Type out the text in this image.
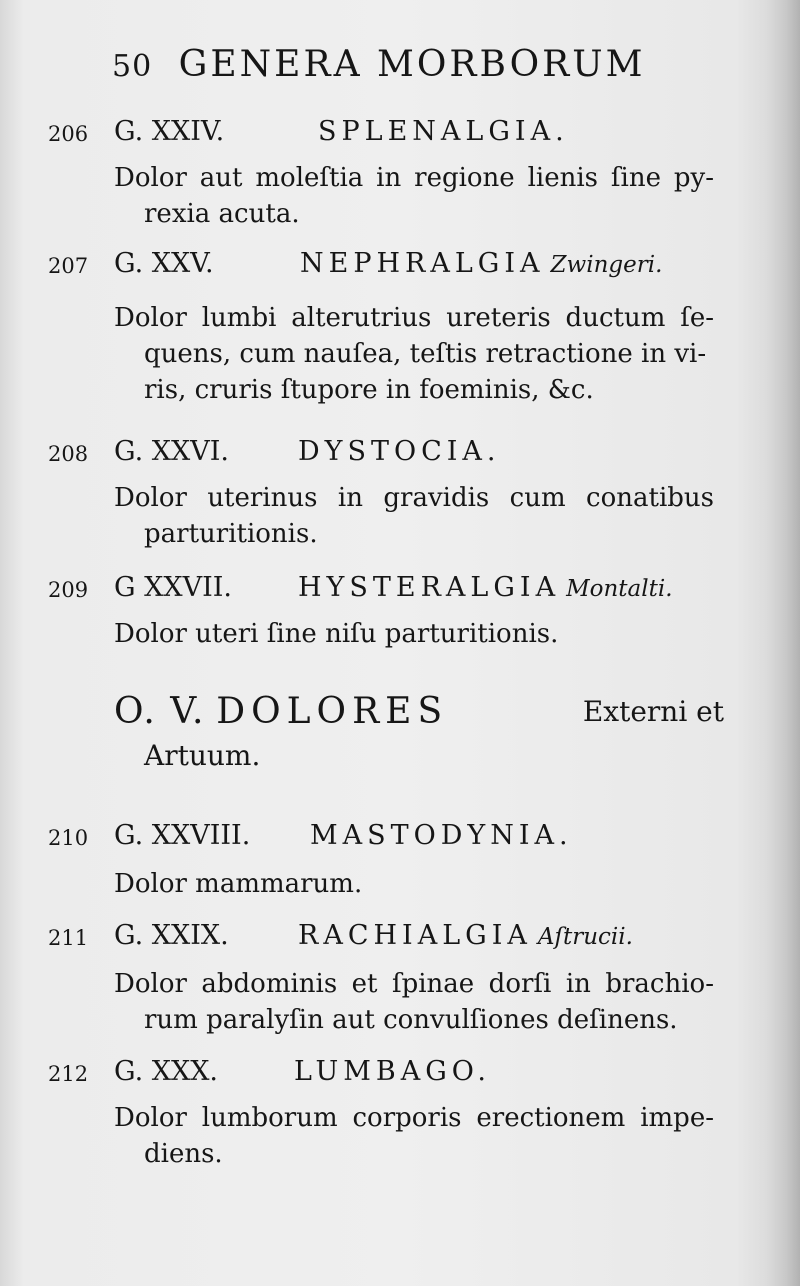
50 GENERA MORBORUM
206 G. XXIV.	SPLENALGIA.
Dolor aut moleſtia in regione lienis ſine py-
rexia acuta.
207 G. XXV.	NEPHRALGIA Zwingeri.
Dolor lumbi alterutrius ureteris ductum ſe-
quens, cum nauſea, teſtis retractione in vi- ris, cruris ſtupore in foeminis, &c.
208 G. XXVI.	DYSTOCIA.
Dolor uterinus in gravidis cum conatibus
parturitionis.
209 G XXVII. HYSTERALGIA Montalti.
Dolor uteri ſine niſu parturitionis.
O. V. DOLORES	Externi et
Artuum.
210 G. XXVIII. MASTODYNIA.
Dolor mammarum.
211 G. XXIX.	RACHIALGIA Aſtrucii.
Dolor abdominis et ſpinae dorſi in brachio-
rum paralyſin aut convulſiones deſinens.
212 G. XXX.	LUMBAGO.
Dolor lumborum corporis erectionem impe-
diens.
